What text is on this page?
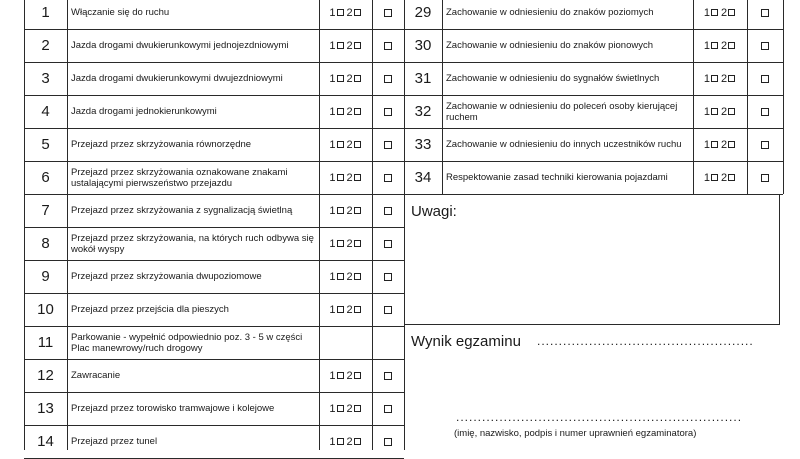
Uwagi:
Wynik egzaminu ..................................................
..................................................................
(imię, nazwisko, podpis i numer uprawnień egzaminatora)
1	Włączanie się do ruchu	1 2
2	Jazda drogami dwukierunkowymi jednojezdniowymi	1 2
3	Jazda drogami dwukierunkowymi dwujezdniowymi	1 2
4	Jazda drogami jednokierunkowymi	1 2
5	Przejazd przez skrzyżowania równorzędne	1 2
6	Przejazd przez skrzyżowania oznakowane znakami ustalającymi pierwszeństwo przejazdu	1 2
7	Przejazd przez skrzyżowania z sygnalizacją świetlną	1 2
8	Przejazd przez skrzyżowania, na których ruch odbywa się wokół wyspy	1 2
9	Przejazd przez skrzyżowania dwupoziomowe	1 2
10	Przejazd przez przejścia dla pieszych	1 2
11	Parkowanie - wypełnić odpowiednio poz. 3 - 5 w części Plac manewrowy/ruch drogowy
12	Zawracanie	1 2
13	Przejazd przez torowisko tramwajowe i kolejowe	1 2
14	Przejazd przez tunel	1 2
29	Zachowanie w odniesieniu do znaków poziomych	1 2
30	Zachowanie w odniesieniu do znaków pionowych	1 2
31	Zachowanie w odniesieniu do sygnałów świetlnych	1 2
32	Zachowanie w odniesieniu do poleceń osoby kierującej ruchem	1 2
33	Zachowanie w odniesieniu do innych uczestników ruchu 1 2
34	Respektowanie zasad techniki kierowania pojazdami	1 2
